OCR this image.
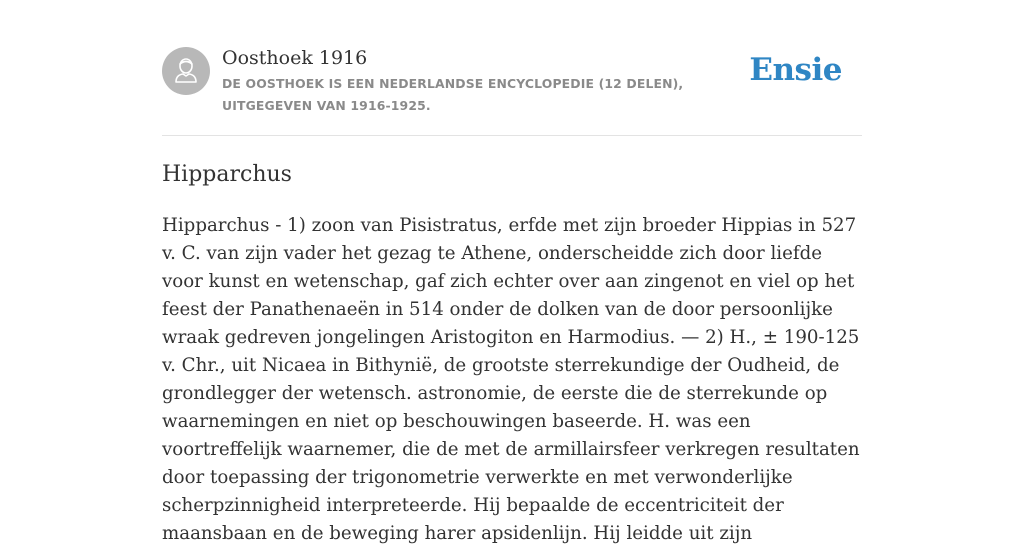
Oosthoek 1916
DE OOSTHOEK IS EEN NEDERLANDSE ENCYCLOPEDIE (12 DELEN), UITGEGEVEN VAN 1916-1925.
Ensie
Hipparchus

Hipparchus - 1) zoon van Pisistratus, erfde met zijn broeder Hippias in 527 v. C. van zijn vader het gezag te Athene, onderscheidde zich door liefde voor kunst en wetenschap, gaf zich echter over aan zingenot en viel op het feest der Panathenaeën in 514 onder de dolken van de door persoonlijke wraak gedreven jongelingen Aristogiton en Harmodius. — 2) H., ± 190-125 v. Chr., uit Nicaea in Bithynië, de grootste sterrekundige der Oudheid, de grondlegger der wetensch. astronomie, de eerste die de sterrekunde op waarnemingen en niet op beschouwingen baseerde. H. was een voortreffelijk waarnemer, die de met de armillairsfeer verkregen resultaten door toepassing der trigonometrie verwerkte en met verwonderlijke scherpzinnigheid interpreteerde. Hij bepaalde de eccentriciteit der maansbaan en de beweging harer apsidenlijn. Hij leidde uit zijn
